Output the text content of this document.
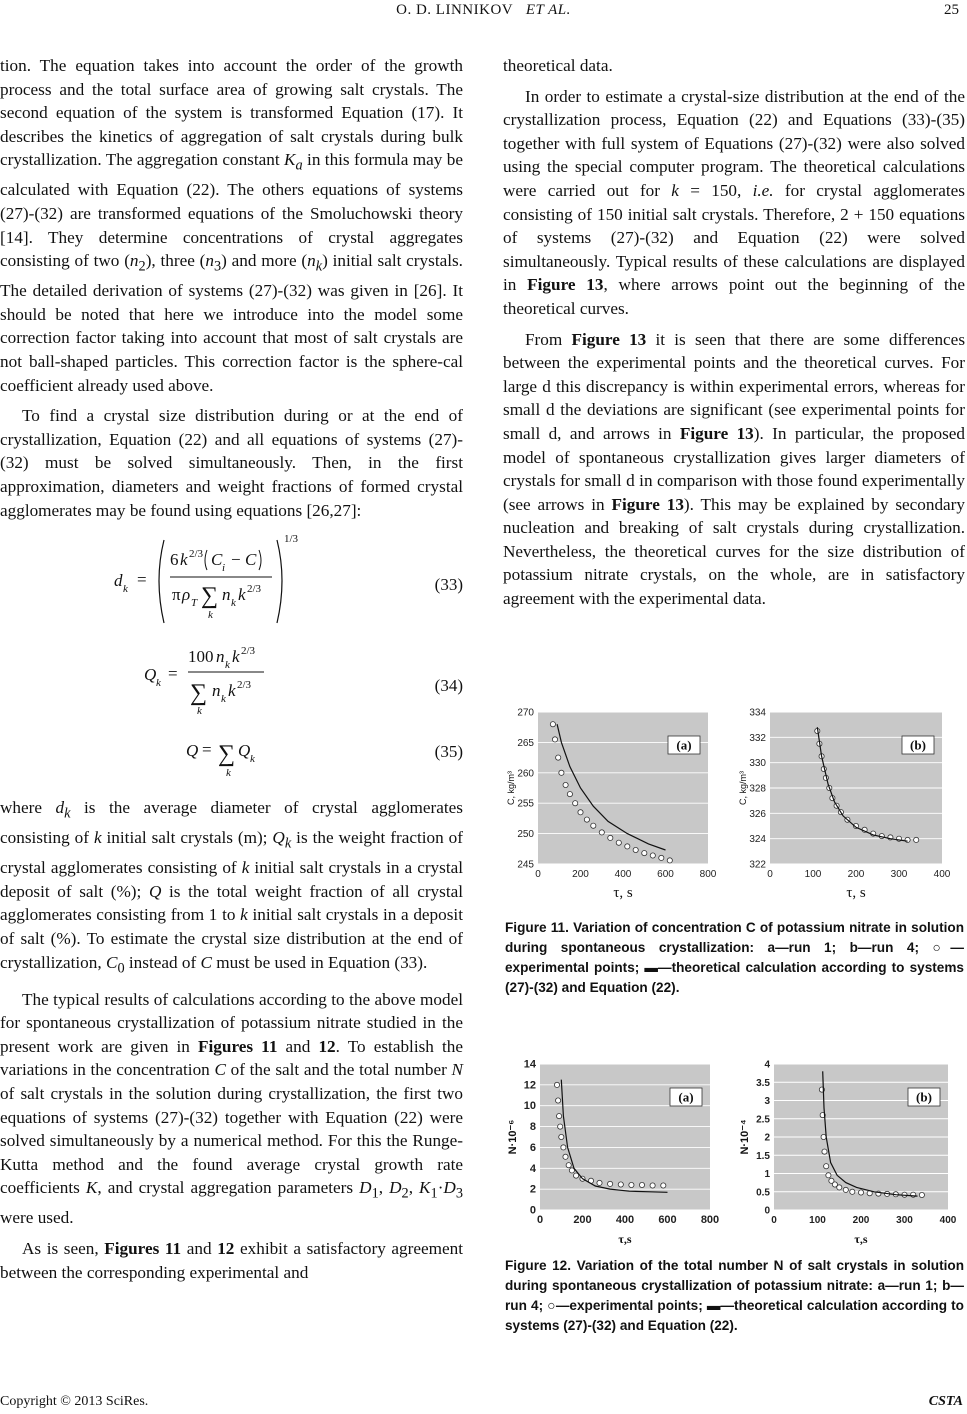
O. D. LINNIKOV ET AL.	25

tion. The equation takes into account the order of the growth process and the total surface area of growing salt crystals. The second equation of the system is transformed Equation (17). It describes the kinetics of aggregation of salt crystals during bulk crystallization. The aggregation constant $K_a$ in this formula may be calculated with Equation (22). The others equations of systems (27)-(32) are transformed equations of the Smoluchowski theory [14]. They determine concentrations of crystal aggregates consisting of two $(n_2)$, three $(n_3)$ and more $(n_k)$ initial salt crystals. The detailed derivation of systems (27)-(32) was given in [26]. It should be noted that here we introduce into the model some correction factor taking into account that most of salt crystals are not ball-shaped particles. This correction factor is the sphere-cal coefficient already used above.

To find a crystal size distribution during or at the end of crystallization, Equation (22) and all equations of systems (27)-(32) must be solved simultaneously. Then, in the first approximation, diameters and weight fractions of formed crystal agglomerates may be found using equations [26,27]:

d k =
1/3
6 k 2/3 C i − C
π ρ T ∑
k
n k k 2/3	(33)
Q k =
100 n k k 2/3
∑
k
n k k 2/3	(34)
Q = ∑
k
Q k	(35)

where $d_k$ is the average diameter of crystal agglomerates consisting of k initial salt crystals (m); $Q_k$ is the weight fraction of crystal agglomerates consisting of k initial salt crystals in a crystal deposit of salt (%); Q is the total weight fraction of all crystal agglomerates consisting from 1 to k initial salt crystals in a deposit of salt (%). To estimate the crystal size distribution at the end of crystallization, $C_0$ instead of C must be used in Equation (33).

The typical results of calculations according to the above model for spontaneous crystallization of potassium nitrate studied in the present work are given in Figures 11 and 12. To establish the variations in the concentration C of the salt and the total number N of salt crystals in the solution during crystallization, the first two equations of systems (27)-(32) together with Equation (22) were solved simultaneously by a numerical method. For this the Runge-Kutta method and the found average crystal growth rate coefficients K, and crystal aggregation parameters $D_1$, $D_2$, $K_1\cdot D_3$ were used.

As is seen, Figures 11 and 12 exhibit a satisfactory agreement between the corresponding experimental and

theoretical data.

In order to estimate a crystal-size distribution at the end of the crystallization process, Equation (22) and Equations (33)-(35) together with full system of Equations (27)-(32) were also solved using the special computer program. The theoretical calculations were carried out for k = 150, i.e. for crystal agglomerates consisting of 150 initial salt crystals. Therefore, 2 + 150 equations of systems (27)-(32) and Equation (22) were solved simultaneously. Typical results of these calculations are displayed in Figure 13, where arrows point out the beginning of the theoretical curves.

From Figure 13 it is seen that there are some differences between the experimental points and the theoretical curves. For large d this discrepancy is within experimental errors, whereas for small d the deviations are significant (see experimental points for small d, and arrows in Figure 13). In particular, the proposed model of spontaneous crystallization gives larger diameters of crystals for small d in comparison with those found experimentally (see arrows in Figure 13). This may be explained by secondary nucleation and breaking of salt crystals during crystallization. Nevertheless, the theoretical curves for the size distribution of potassium nitrate crystals, on the whole, are in satisfactory agreement with the experimental data.

245
250
255
260
265
270
0	200	400	600	800
τ, s
C, kg/m³
(a)
322
324
326
328
330
332
334
0	100	200	300	400
τ, s
C, kg/m³
(b)
Figure 11. Variation of concentration C of potassium nitrate in solution during spontaneous crystallization: a—run 1; b—run 4; ○—experimental points; ▬—theoretical calculation according to systems (27)-(32) and Equation (22).
0
2
4
6
8
10
12
14
0	200 400 600 800
τ,s
N·10⁻⁶
(a)
0
0.5
1
1.5
2
2.5
3
3.5
4
0	100	200	300	400
τ,s
N·10⁻⁴
(b)
Figure 12. Variation of the total number N of salt crystals in solution during spontaneous crystallization of potassium nitrate: a—run 1; b—run 4; ○—experimental points; ▬—theoretical calculation according to systems (27)-(32) and Equation (22).
Copyright © 2013 SciRes.	CSTA
